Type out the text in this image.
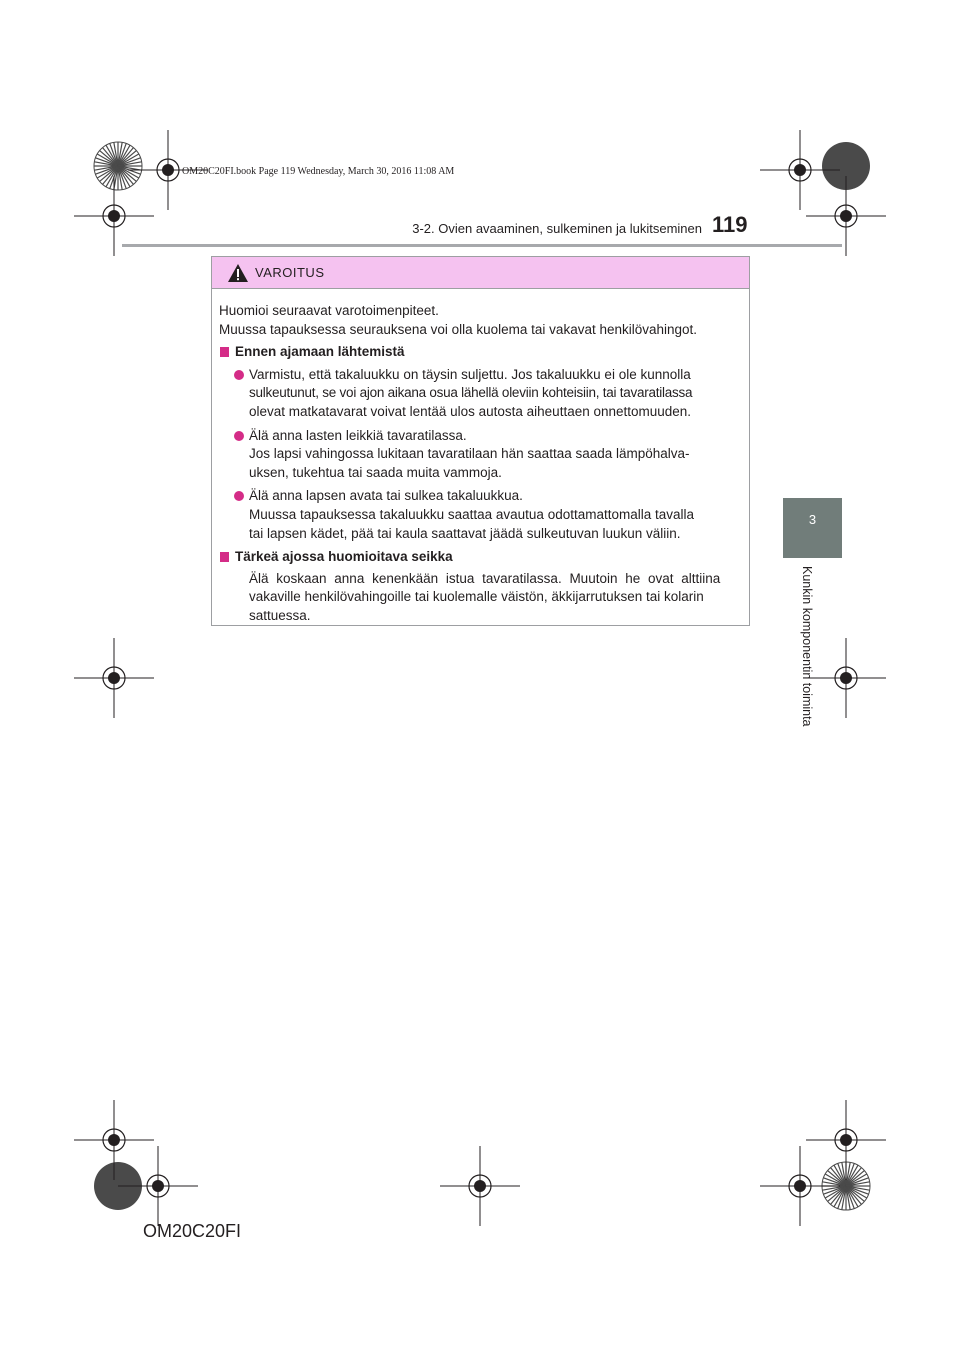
OM20C20FI.book Page 119 Wednesday, March 30, 2016 11:08 AM
3-2. Ovien avaaminen, sulkeminen ja lukitseminen 119
3
Kunkin komponentin toiminta
VAROITUS
Huomioi seuraavat varotoimenpiteet.
Muussa tapauksessa seurauksena voi olla kuolema tai vakavat henkilövahingot.
Ennen ajamaan lähtemistä
Varmistu, että takaluukku on täysin suljettu. Jos takaluukku ei ole kunnolla
sulkeutunut, se voi ajon aikana osua lähellä oleviin kohteisiin, tai tavaratilassa
olevat matkatavarat voivat lentää ulos autosta aiheuttaen onnettomuuden.
Älä anna lasten leikkiä tavaratilassa.
Jos lapsi vahingossa lukitaan tavaratilaan hän saattaa saada lämpöhalva-
uksen, tukehtua tai saada muita vammoja.
Älä anna lapsen avata tai sulkea takaluukkua.
Muussa tapauksessa takaluukku saattaa avautua odottamattomalla tavalla
tai lapsen kädet, pää tai kaula saattavat jäädä sulkeutuvan luukun väliin.
Tärkeä ajossa huomioitava seikka
Älä koskaan anna kenenkään istua tavaratilassa. Muutoin he ovat alttiina
vakaville henkilövahingoille tai kuolemalle väistön, äkkijarrutuksen tai kolarin
sattuessa.
OM20C20FI
